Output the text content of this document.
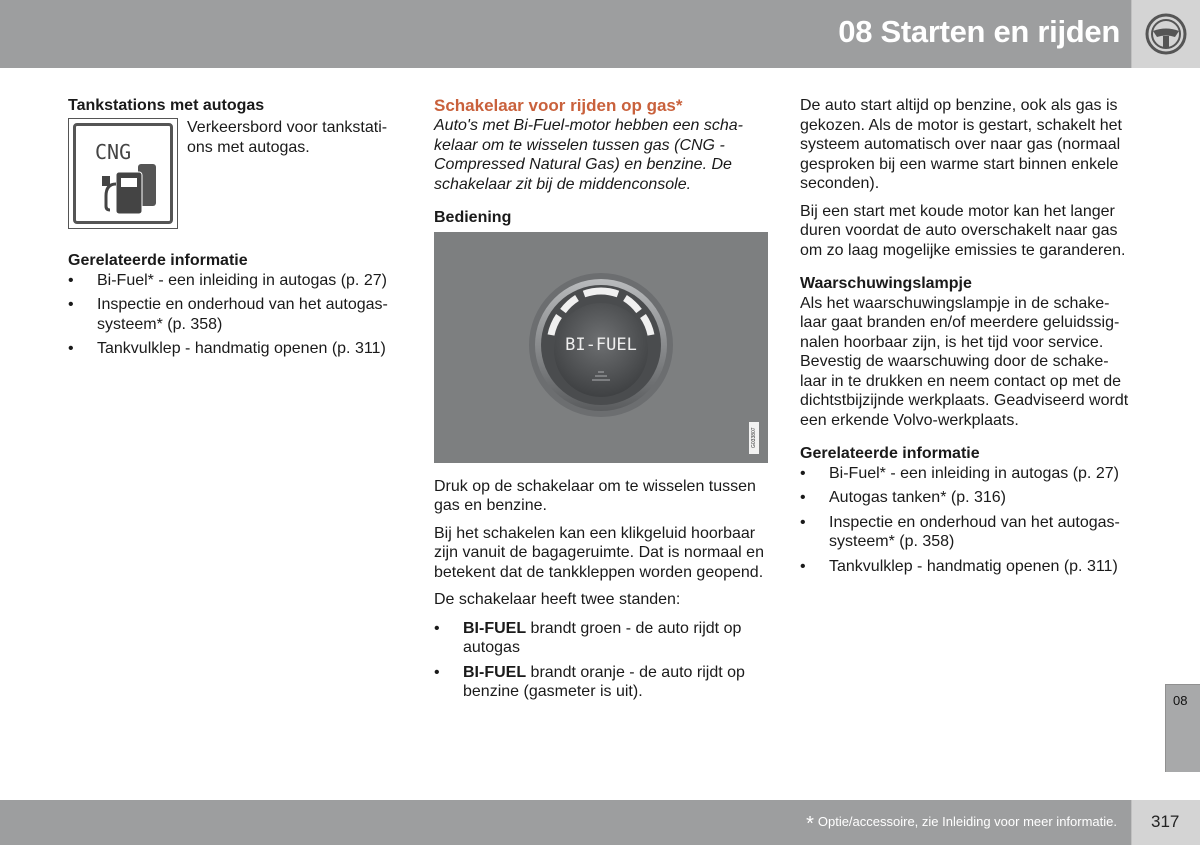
08 Starten en rijden
Tankstations met autogas
CNG

Verkeersbord voor tankstati-ons met autogas.

Gerelateerde informatie
• Bi-Fuel* - een inleiding in autogas (p. 27)
• Inspectie en onderhoud van het autogas-systeem* (p. 358)
• Tankvulklep - handmatig openen (p. 311)
Schakelaar voor rijden op gas*

Auto's met Bi-Fuel-motor hebben een scha-kelaar om te wisselen tussen gas (CNG - Compressed Natural Gas) en benzine. De schakelaar zit bij de middenconsole.

Bediening
BI-FUEL
G033807

Druk op de schakelaar om te wisselen tussen gas en benzine.

Bij het schakelen kan een klikgeluid hoorbaar zijn vanuit de bagageruimte. Dat is normaal en betekent dat de tankkleppen worden geopend.

De schakelaar heeft twee standen:

• BI-FUEL brandt groen - de auto rijdt op autogas
• BI-FUEL brandt oranje - de auto rijdt op benzine (gasmeter is uit).

De auto start altijd op benzine, ook als gas is gekozen. Als de motor is gestart, schakelt het systeem automatisch over naar gas (normaal gesproken bij een warme start binnen enkele seconden).

Bij een start met koude motor kan het langer duren voordat de auto overschakelt naar gas om zo laag mogelijke emissies te garanderen.

Waarschuwingslampje

Als het waarschuwingslampje in de schake-laar gaat branden en/of meerdere geluidssig-nalen hoorbaar zijn, is het tijd voor service. Bevestig de waarschuwing door de schake-laar in te drukken en neem contact op met de dichtstbijzijnde werkplaats. Geadviseerd wordt een erkende Volvo-werkplaats.

Gerelateerde informatie
• Bi-Fuel* - een inleiding in autogas (p. 27)
• Autogas tanken* (p. 316)
• Inspectie en onderhoud van het autogas-systeem* (p. 358)
• Tankvulklep - handmatig openen (p. 311)
08
* Optie/accessoire, zie Inleiding voor meer informatie. 317
